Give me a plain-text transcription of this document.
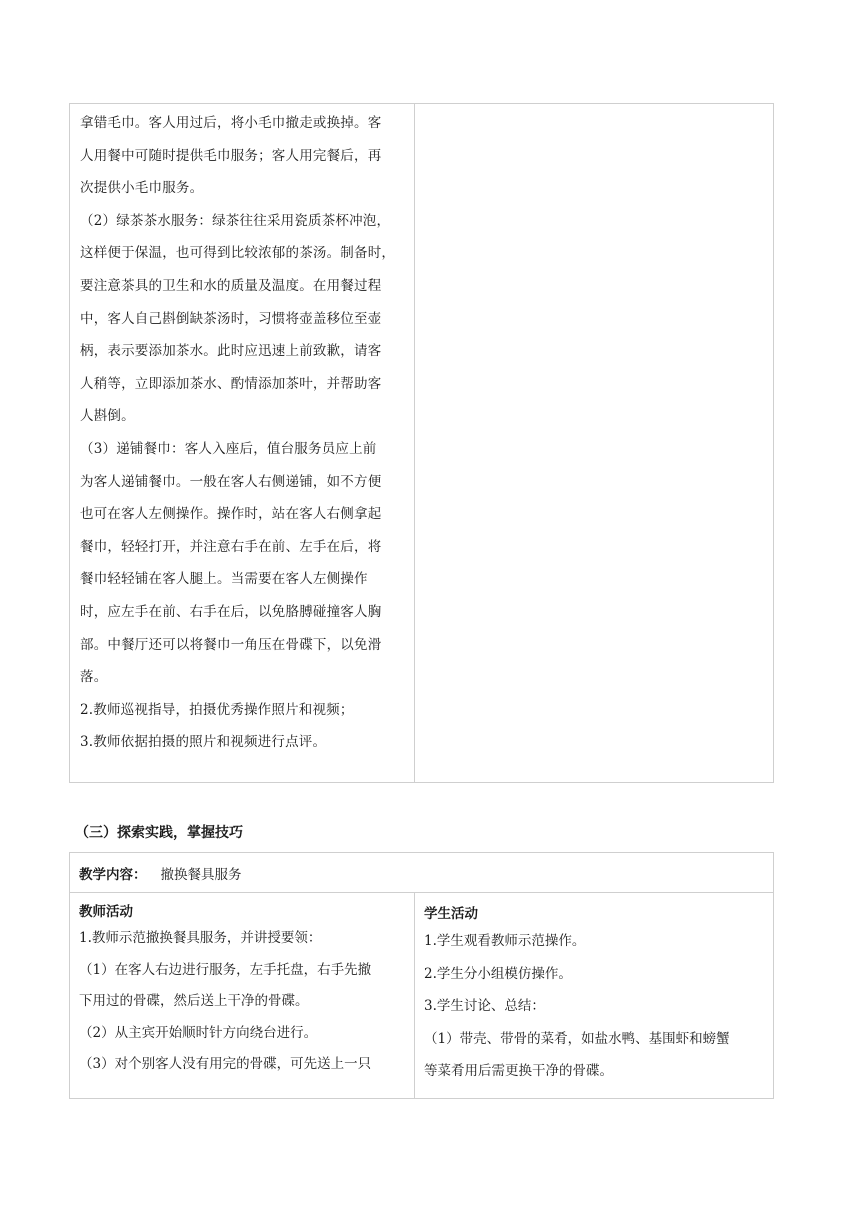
拿错毛巾。客人用过后，将小毛巾撤走或换掉。客

人用餐中可随时提供毛巾服务；客人用完餐后，再

次提供小毛巾服务。

（2）绿茶茶水服务：绿茶往往采用瓷质茶杯冲泡，

这样便于保温，也可得到比较浓郁的茶汤。制备时，

要注意茶具的卫生和水的质量及温度。在用餐过程

中，客人自己斟倒缺茶汤时，习惯将壶盖移位至壶

柄，表示要添加茶水。此时应迅速上前致歉，请客

人稍等，立即添加茶水、酌情添加茶叶，并帮助客

人斟倒。

（3）递铺餐巾：客人入座后，值台服务员应上前

为客人递铺餐巾。一般在客人右侧递铺，如不方便

也可在客人左侧操作。操作时，站在客人右侧拿起

餐巾，轻轻打开，并注意右手在前、左手在后，将

餐巾轻轻铺在客人腿上。当需要在客人左侧操作

时，应左手在前、右手在后，以免胳膊碰撞客人胸

部。中餐厅还可以将餐巾一角压在骨碟下，以免滑

落。

2.教师巡视指导，拍摄优秀操作照片和视频；

3.教师依据拍摄的照片和视频进行点评。

（三）探索实践，掌握技巧

教学内容： 撤换餐具服务
教师活动

1.教师示范撤换餐具服务，并讲授要领：

（1）在客人右边进行服务，左手托盘，右手先撤

下用过的骨碟，然后送上干净的骨碟。

（2）从主宾开始顺时针方向绕台进行。

（3）对个别客人没有用完的骨碟，可先送上一只

学生活动

1.学生观看教师示范操作。

2.学生分小组模仿操作。

3.学生讨论、总结：

（1）带壳、带骨的菜肴，如盐水鸭、基围虾和螃蟹

等菜肴用后需更换干净的骨碟。
